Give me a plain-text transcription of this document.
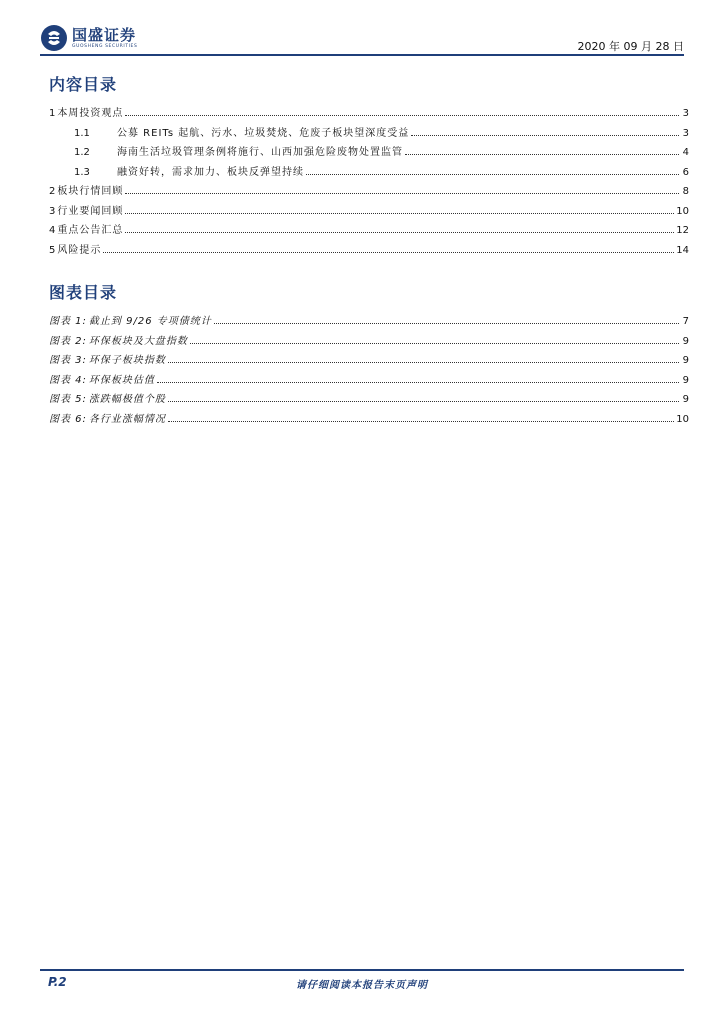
国盛证券
GUOSHENG SECURITIES	2020 年 09 月 28 日
内容目录
1 本周投资观点	3
1.1	公募 REITs 起航、污水、垃圾焚烧、危废子板块望深度受益	3
1.2	海南生活垃圾管理条例将施行、山西加强危险废物处置监管	4
1.3	融资好转，需求加力、板块反弹望持续	6
2 板块行情回顾	8
3 行业要闻回顾	10
4 重点公告汇总	12
5 风险提示	14
图表目录
图表 1: 截止到 9/26 专项债统计	7
图表 2: 环保板块及大盘指数	9
图表 3: 环保子板块指数	9
图表 4: 环保板块估值	9
图表 5: 涨跌幅极值个股	9
图表 6: 各行业涨幅情况	10
P.2	请仔细阅读本报告末页声明
